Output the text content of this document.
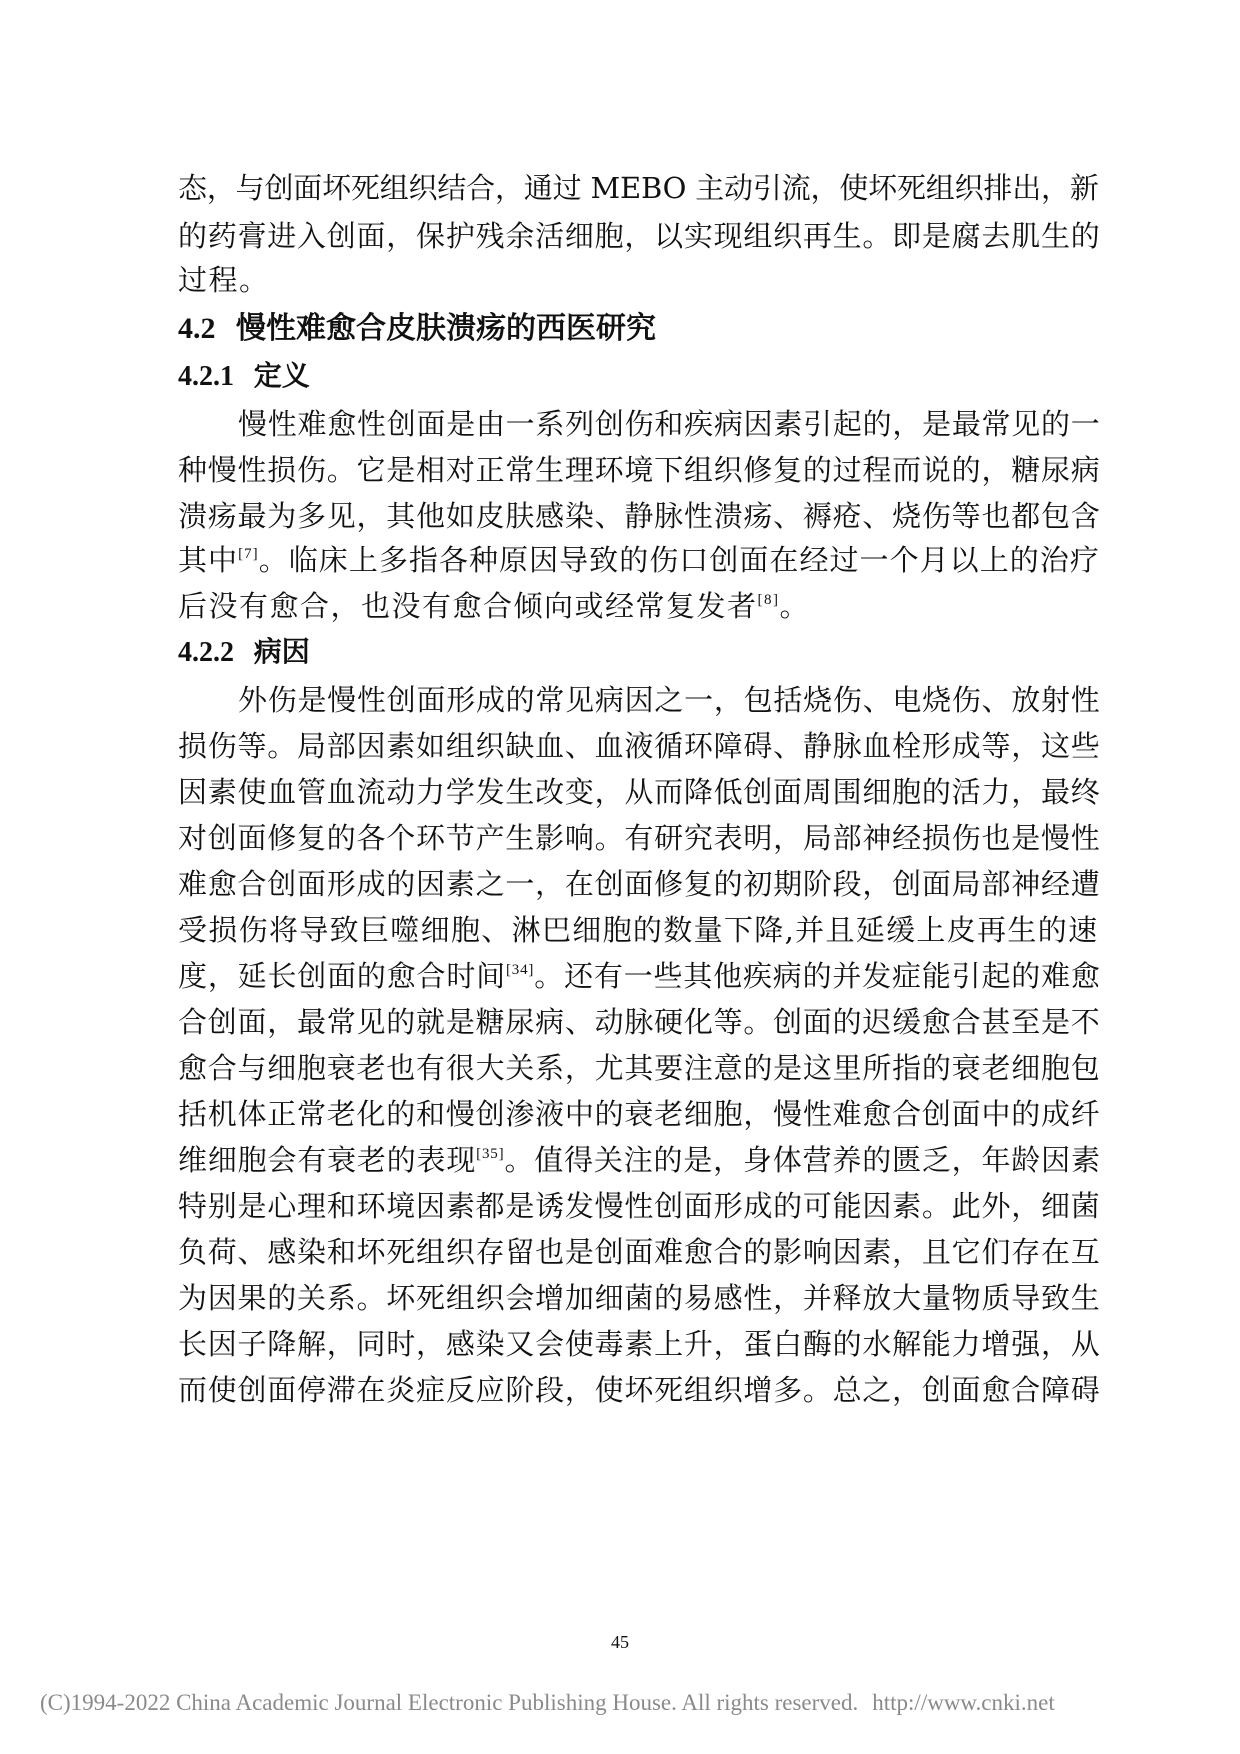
态，与创面坏死组织结合，通过 MEBO 主动引流，使坏死组织排出，新
的药膏进入创面，保护残余活细胞，以实现组织再生。即是腐去肌生的
过程。
4.2 慢性难愈合皮肤溃疡的西医研究
4.2.1 定义
慢性难愈性创面是由一系列创伤和疾病因素引起的，是最常见的一
种慢性损伤。它是相对正常生理环境下组织修复的过程而说的，糖尿病
溃疡最为多见，其他如皮肤感染、静脉性溃疡、褥疮、烧伤等也都包含
其中[7]。临床上多指各种原因导致的伤口创面在经过一个月以上的治疗
后没有愈合，也没有愈合倾向或经常复发者[8]。
4.2.2 病因
外伤是慢性创面形成的常见病因之一，包括烧伤、电烧伤、放射性
损伤等。局部因素如组织缺血、血液循环障碍、静脉血栓形成等，这些
因素使血管血流动力学发生改变，从而降低创面周围细胞的活力，最终
对创面修复的各个环节产生影响。有研究表明，局部神经损伤也是慢性
难愈合创面形成的因素之一，在创面修复的初期阶段，创面局部神经遭
受损伤将导致巨噬细胞、淋巴细胞的数量下降,并且延缓上皮再生的速
度，延长创面的愈合时间[34]。还有一些其他疾病的并发症能引起的难愈
合创面，最常见的就是糖尿病、动脉硬化等。创面的迟缓愈合甚至是不
愈合与细胞衰老也有很大关系，尤其要注意的是这里所指的衰老细胞包
括机体正常老化的和慢创渗液中的衰老细胞，慢性难愈合创面中的成纤
维细胞会有衰老的表现[35]。值得关注的是，身体营养的匮乏，年龄因素
特别是心理和环境因素都是诱发慢性创面形成的可能因素。此外，细菌
负荷、感染和坏死组织存留也是创面难愈合的影响因素，且它们存在互
为因果的关系。坏死组织会增加细菌的易感性，并释放大量物质导致生
长因子降解，同时，感染又会使毒素上升，蛋白酶的水解能力增强，从
而使创面停滞在炎症反应阶段，使坏死组织增多。总之，创面愈合障碍
45
(C)1994-2022 China Academic Journal Electronic Publishing House. All rights reserved. http://www.cnki.net
